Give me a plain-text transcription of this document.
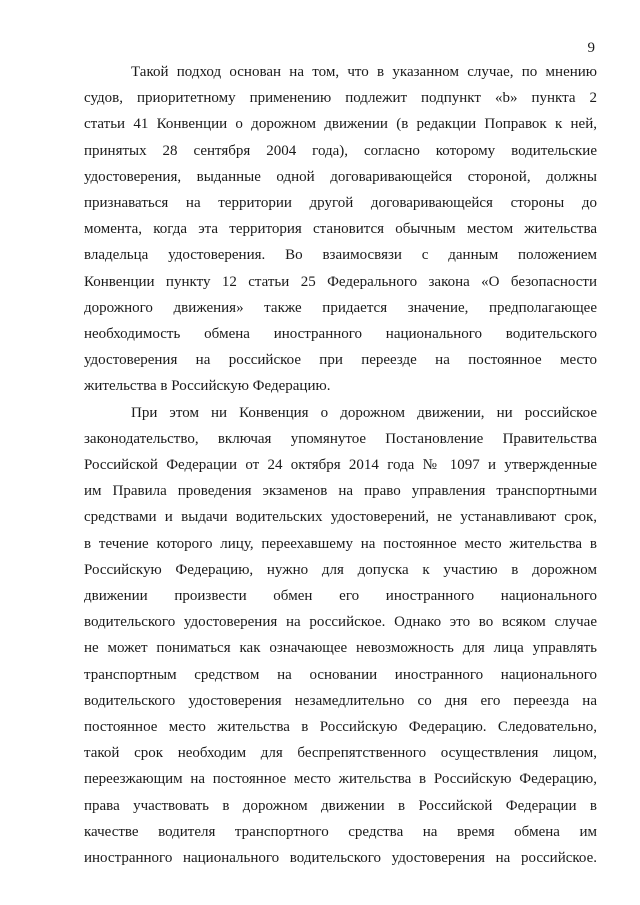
9
Такой подход основан на том, что в указанном случае, по мнению
судов, приоритетному применению подлежит подпункт «b» пункта 2
статьи 41 Конвенции о дорожном движении (в редакции Поправок к ней,
принятых 28 сентября 2004 года), согласно которому водительские
удостоверения, выданные одной договаривающейся стороной, должны
признаваться на территории другой договаривающейся стороны до
момента, когда эта территория становится обычным местом жительства
владельца удостоверения. Во взаимосвязи с данным положением
Конвенции пункту 12 статьи 25 Федерального закона «О безопасности
дорожного движения» также придается значение, предполагающее
необходимость обмена иностранного национального водительского
удостоверения на российское при переезде на постоянное место
жительства в Российскую Федерацию.
При этом ни Конвенция о дорожном движении, ни российское
законодательство, включая упомянутое Постановление Правительства
Российской Федерации от 24 октября 2014 года № 1097 и утвержденные
им Правила проведения экзаменов на право управления транспортными
средствами и выдачи водительских удостоверений, не устанавливают срок,
в течение которого лицу, переехавшему на постоянное место жительства в
Российскую Федерацию, нужно для допуска к участию в дорожном
движении произвести обмен его иностранного национального
водительского удостоверения на российское. Однако это во всяком случае
не может пониматься как означающее невозможность для лица управлять
транспортным средством на основании иностранного национального
водительского удостоверения незамедлительно со дня его переезда на
постоянное место жительства в Российскую Федерацию. Следовательно,
такой срок необходим для беспрепятственного осуществления лицом,
переезжающим на постоянное место жительства в Российскую Федерацию,
права участвовать в дорожном движении в Российской Федерации в
качестве водителя транспортного средства на время обмена им
иностранного национального водительского удостоверения на российское.
